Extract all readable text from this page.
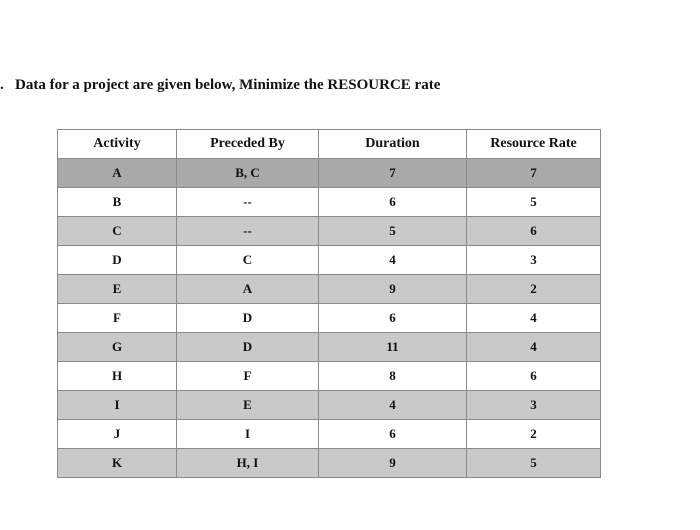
. Data for a project are given below, Minimize the RESOURCE rate
Activity	Preceded By	Duration	Resource Rate
A	B, C	7	7
B	--	6	5
C	--	5	6
D	C	4	3
E	A	9	2
F	D	6	4
G	D	11	4
H	F	8	6
I	E	4	3
J	I	6	2
K	H, I	9	5
